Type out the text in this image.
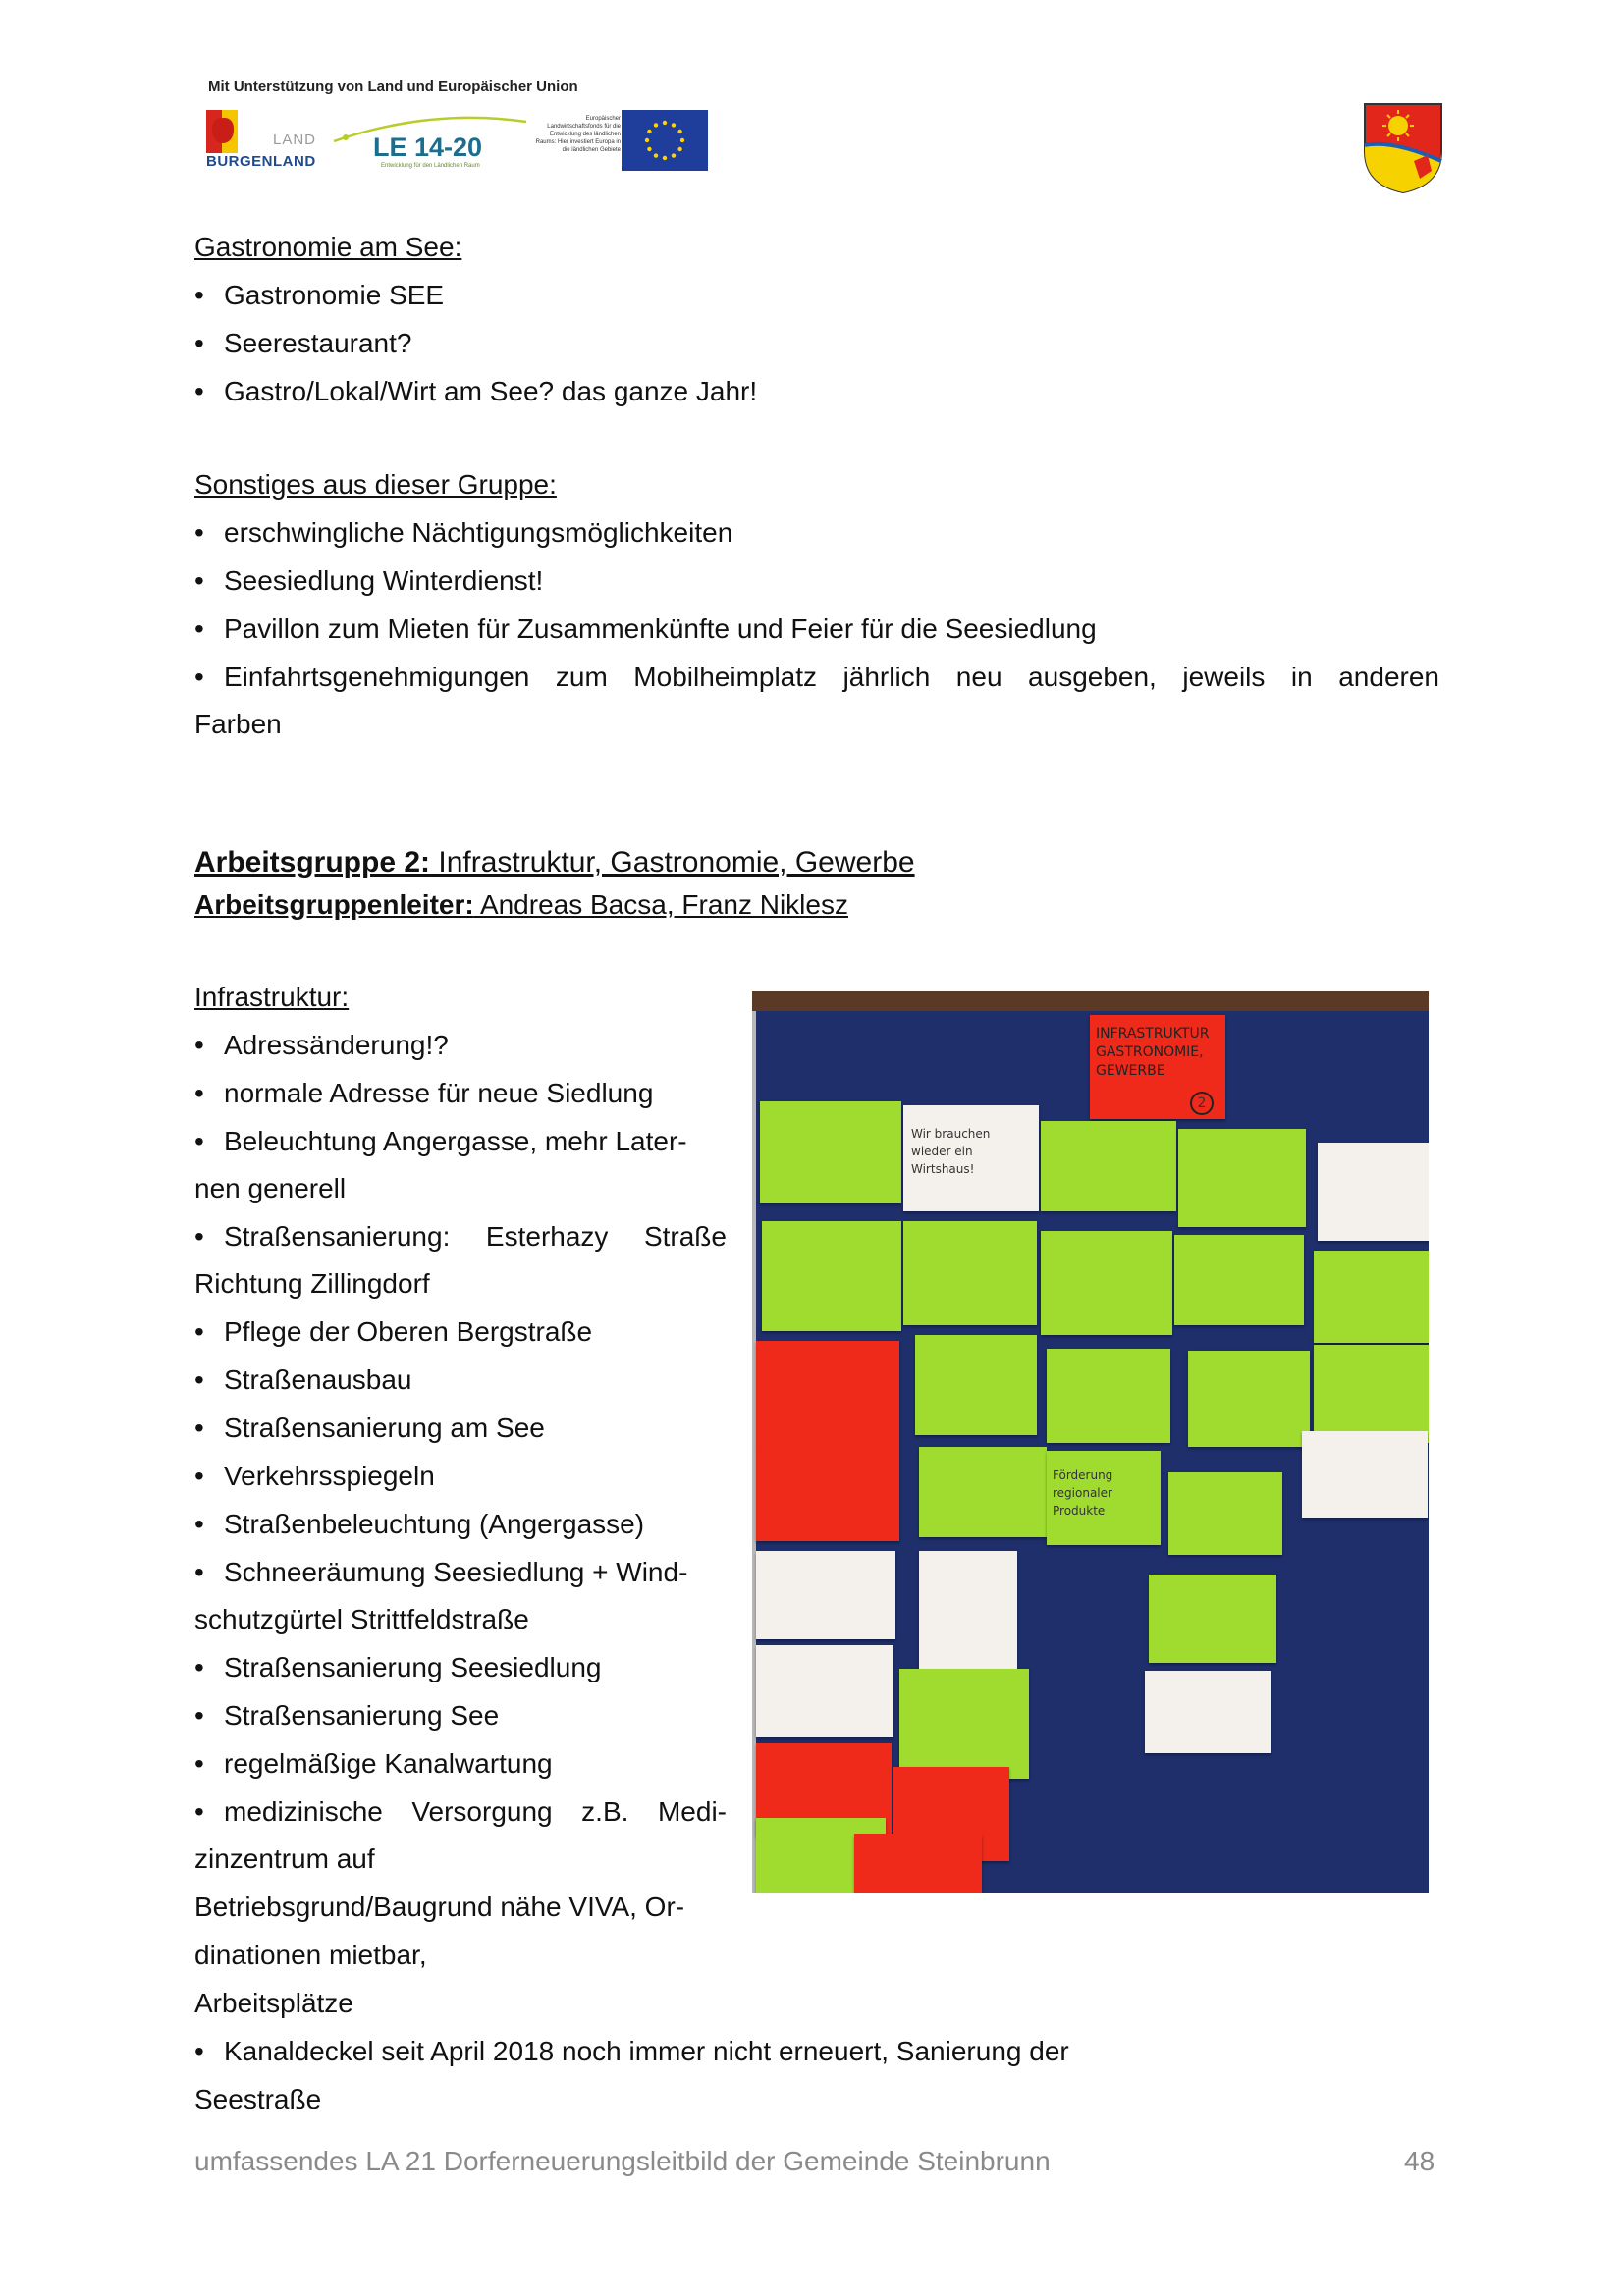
Mit Unterstützung von Land und Europäischer Union
LAND
BURGENLAND LE 14-20
Entwicklung für den Ländlichen Raum
Europäischer Landwirtschaftsfonds für die Entwicklung des ländlichen Raums: Hier investiert Europa in die ländlichen Gebiete
Gastronomie am See:
• Gastronomie SEE
• Seerestaurant?
• Gastro/Lokal/Wirt am See? das ganze Jahr!
Sonstiges aus dieser Gruppe:
• erschwingliche Nächtigungsmöglichkeiten
• Seesiedlung Winterdienst!
• Pavillon zum Mieten für Zusammenkünfte und Feier für die Seesiedlung
• Einfahrtsgenehmigungen zum Mobilheimplatz jährlich neu ausgeben, jeweils in anderen
Farben
Arbeitsgruppe 2: Infrastruktur, Gastronomie, Gewerbe
Arbeitsgruppenleiter: Andreas Bacsa, Franz Niklesz
Infrastruktur:
• Adressänderung!?
• normale Adresse für neue Siedlung
• Beleuchtung Angergasse, mehr Later-
nen generell
• Straßensanierung: Esterhazy Straße
Richtung Zillingdorf
• Pflege der Oberen Bergstraße
• Straßenausbau
• Straßensanierung am See
• Verkehrsspiegeln
• Straßenbeleuchtung (Angergasse)
• Schneeräumung Seesiedlung + Wind-
schutzgürtel Strittfeldstraße
• Straßensanierung Seesiedlung
• Straßensanierung See
• regelmäßige Kanalwartung
• medizinische Versorgung z.B. Medi-
zinzentrum auf
Betriebsgrund/Baugrund nähe VIVA, Or-
dinationen mietbar,
Arbeitsplätze
• Kanaldeckel seit April 2018 noch immer nicht erneuert, Sanierung der
Seestraße
INFRASTRUKTUR GASTRONOMIE, GEWERBE
2
Wir brauchen wieder ein Wirtshaus!
Förderung regionaler Produkte
umfassendes LA 21 Dorferneuerungsleitbild der Gemeinde Steinbrunn	48
